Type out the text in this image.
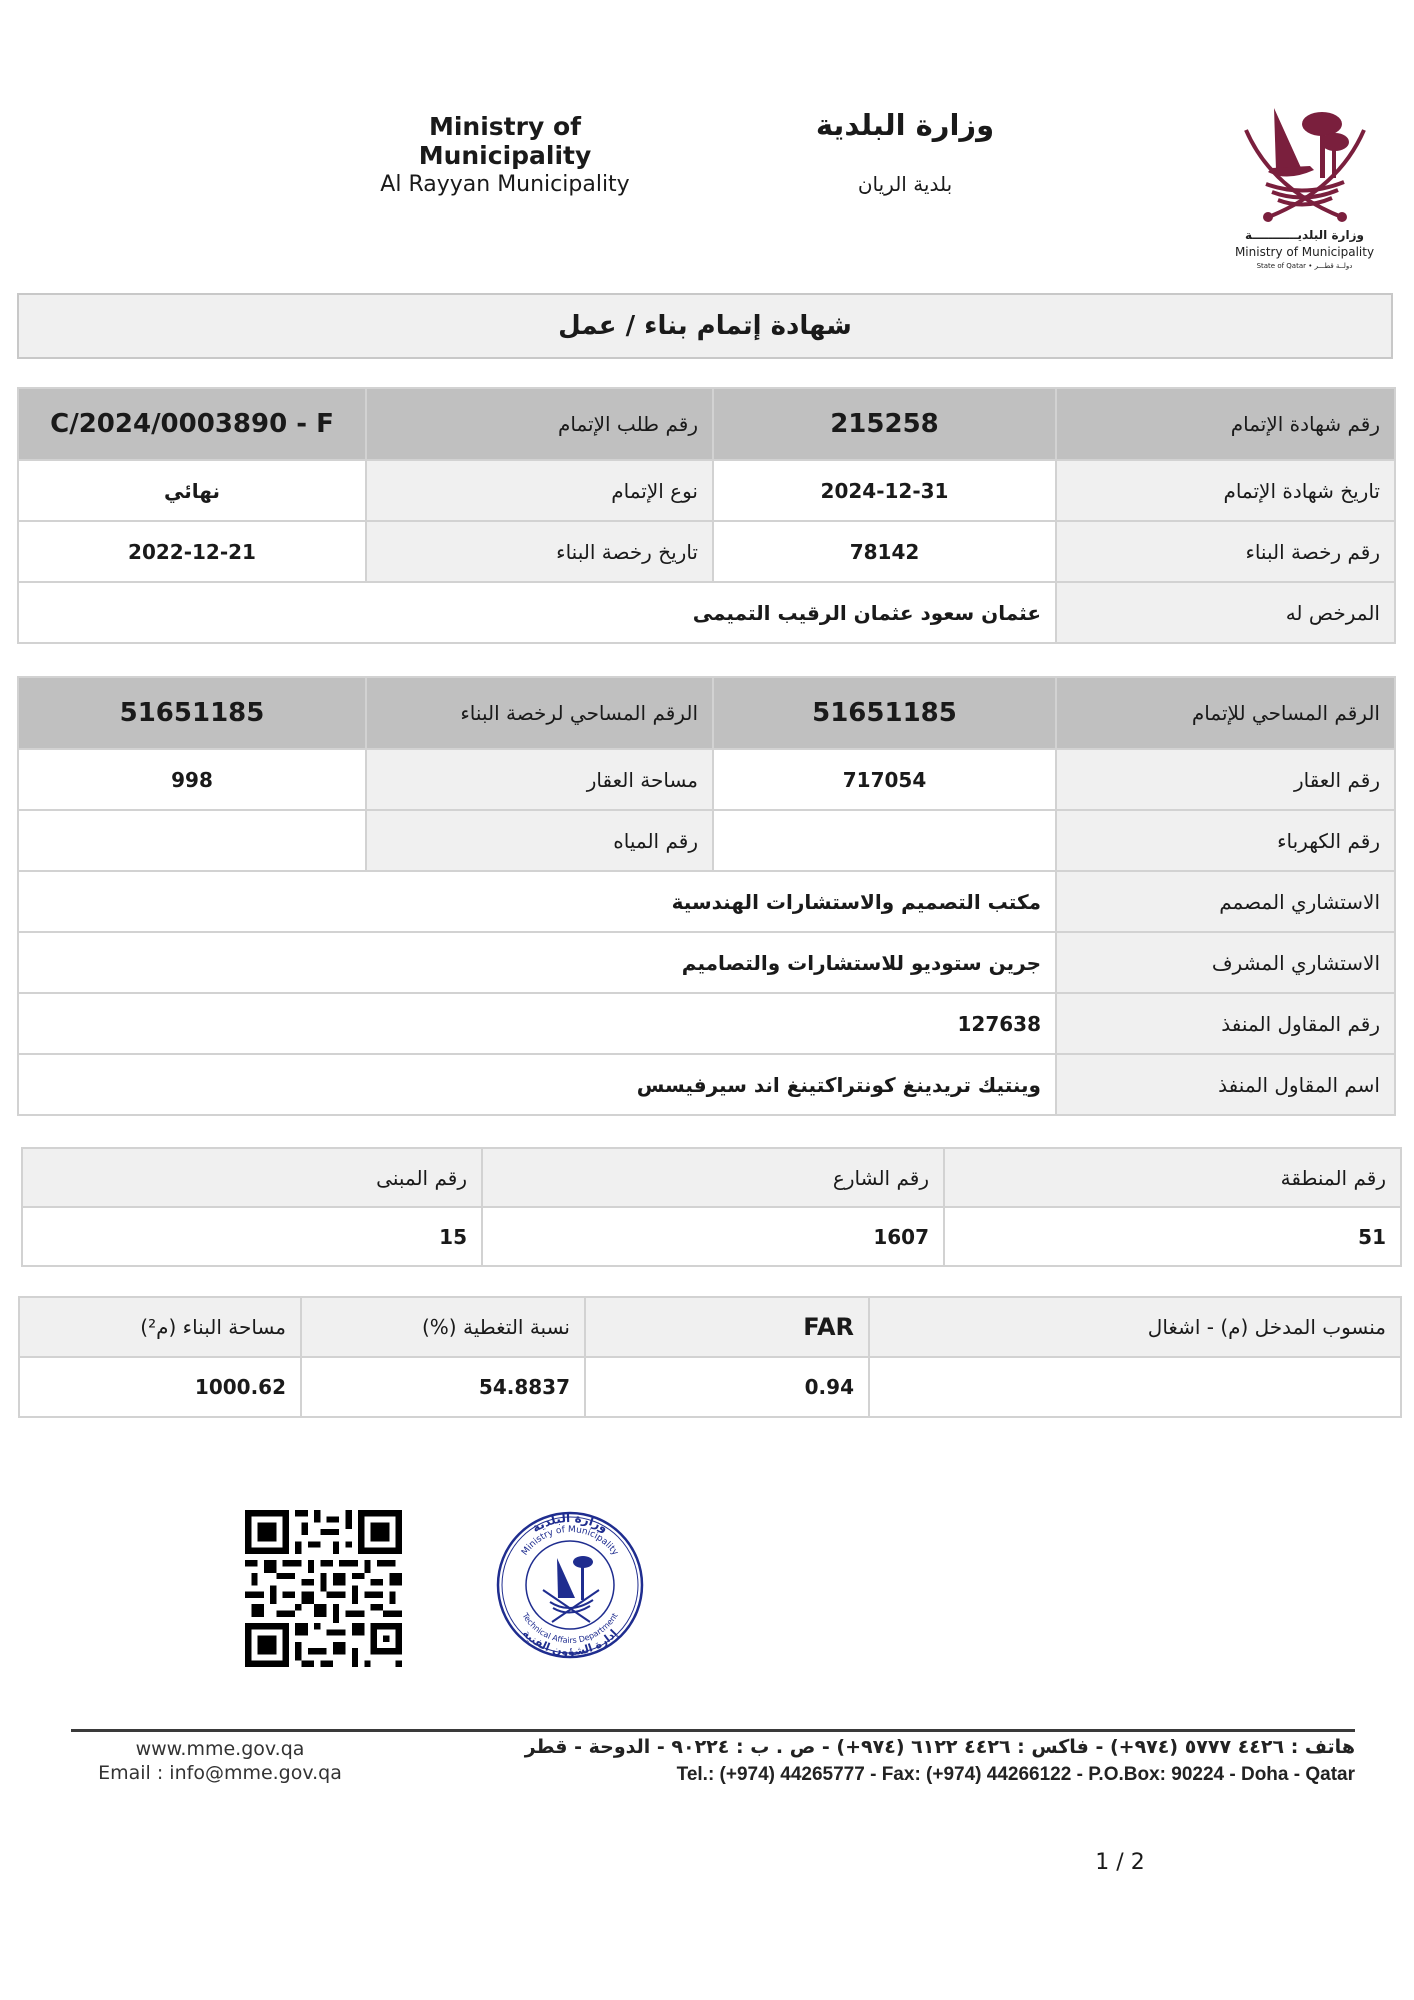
Ministry of Municipality
وزارة البلدية
Al Rayyan Municipality	بلدية الريان
وزارة البلديـــــــــــة
Ministry of Municipality
State of Qatar • دولــة قطـــر
شهادة إتمام بناء / عمل
رقم شهادة الإتمام	215258	رقم طلب الإتمام	C/2024/0003890 - F
تاريخ شهادة الإتمام	2024-12-31	نوع الإتمام	نهائي
رقم رخصة البناء	78142	تاريخ رخصة البناء	2022-12-21
المرخص له	عثمان سعود عثمان الرقيب التميمى		
الرقم المساحي للإتمام	51651185	الرقم المساحي لرخصة البناء	51651185
رقم العقار	717054	مساحة العقار	998
رقم الكهرباء		رقم المياه	
الاستشاري المصمم	مكتب التصميم والاستشارات الهندسية		
الاستشاري المشرف	جرين ستوديو للاستشارات والتصاميم		
رقم المقاول المنفذ	127638		
اسم المقاول المنفذ	وينتيك تريدينغ كونتراكتينغ اند سيرفيسس		
رقم المنطقة	رقم الشارع	رقم المبنى
51	1607	15
منسوب المدخل (م) - اشغال	FAR	نسبة التغطية (%)	مساحة البناء (م²)
	0.94	54.8837	1000.62
Ministry of Municipality
وزارة البلدية
Technical Affairs Department
إدارة الشؤون الفنية
www.mme.gov.qa
Email : info@mme.gov.qa
هاتف : ٤٤٢٦ ٥٧٧٧ (٩٧٤+) - فاكس : ٤٤٢٦ ٦١٢٢ (٩٧٤+) - ص . ب : ٩٠٢٢٤ - الدوحة - قطر
Tel.: (+974) 44265777 - Fax: (+974) 44266122 - P.O.Box: 90224 - Doha - Qatar
1 / 2
